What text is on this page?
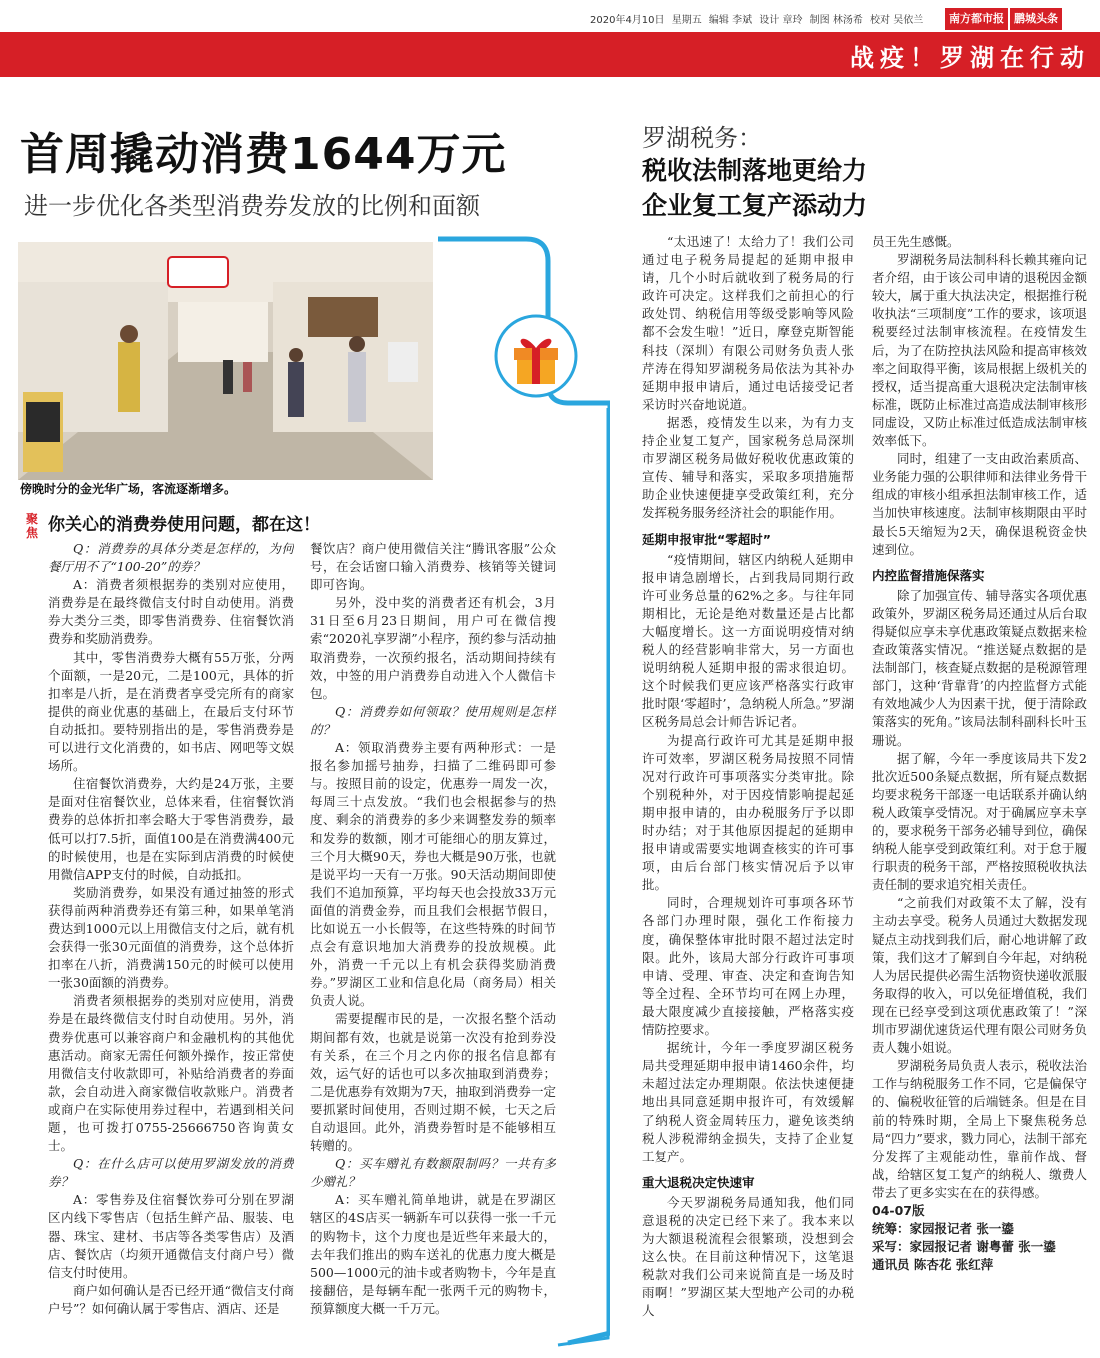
2020年4月10日 星期五 编辑 李斌 设计 章玲 制图 林汤希 校对 吴依兰	南方都市报 鹏城头条
战疫！罗湖在行动
首周撬动消费1644万元
进一步优化各类型消费券发放的比例和面额
傍晚时分的金光华广场，客流逐渐增多。
聚焦 你关心的消费券使用问题，都在这！

Q：消费券的具体分类是怎样的，为何餐厅用不了“100-20”的券？

A：消费者须根据券的类别对应使用，消费券是在最终微信支付时自动使用。消费券大类分三类，即零售消费券、住宿餐饮消费券和奖励消费券。

其中，零售消费券大概有55万张，分两个面额，一是20元，二是100元，具体的折扣率是八折，是在消费者享受完所有的商家提供的商业优惠的基础上，在最后支付环节自动抵扣。要特别指出的是，零售消费券是可以进行文化消费的，如书店、网吧等文娱场所。

住宿餐饮消费券，大约是24万张，主要是面对住宿餐饮业，总体来看，住宿餐饮消费券的总体折扣率会略大于零售消费券，最低可以打7.5折，面值100是在消费满400元的时候使用，也是在实际到店消费的时候使用微信APP支付的时候，自动抵扣。

奖励消费券，如果没有通过抽签的形式获得前两种消费券还有第三种，如果单笔消费达到1000元以上用微信支付之后，就有机会获得一张30元面值的消费券，这个总体折扣率在八折，消费满150元的时候可以使用一张30面额的消费券。

消费者须根据券的类别对应使用，消费券是在最终微信支付时自动使用。另外，消费券优惠可以兼容商户和金融机构的其他优惠活动。商家无需任何额外操作，按正常使用微信支付收款即可，补贴给消费者的券面款，会自动进入商家微信收款账户。消费者或商户在实际使用券过程中，若遇到相关问题，也可拨打0755-25666750咨询黄女士。

Q：在什么店可以使用罗湖发放的消费券？

A：零售券及住宿餐饮券可分别在罗湖区内线下零售店（包括生鲜产品、服装、电器、珠宝、建材、书店等各类零售店）及酒店、餐饮店（均须开通微信支付商户号）微信支付时使用。

商户如何确认是否已经开通“微信支付商户号”？如何确认属于零售店、酒店、还是

餐饮店？商户使用微信关注“腾讯客服”公众号，在会话窗口输入消费券、核销等关键词即可咨询。

另外，没中奖的消费者还有机会，3月31日至6月23日期间，用户可在微信搜索“2020礼享罗湖”小程序，预约参与活动抽取消费券，一次预约报名，活动期间持续有效，中签的用户消费券自动进入个人微信卡包。

Q：消费券如何领取？使用规则是怎样的？

A：领取消费券主要有两种形式：一是报名参加摇号抽券，扫描了二维码即可参与。按照目前的设定，优惠券一周发一次，每周三十点发放。“我们也会根据参与的热度、剩余的消费券的多少来调整发券的频率和发券的数额，刚才可能细心的朋友算过，三个月大概90天，券也大概是90万张，也就是说平均一天有一万张。90天活动期间即使我们不追加预算，平均每天也会投放33万元面值的消费金券，而且我们会根据节假日，比如说五一小长假等，在这些特殊的时间节点会有意识地加大消费券的投放规模。此外，消费一千元以上有机会获得奖励消费券。”罗湖区工业和信息化局（商务局）相关负责人说。

需要提醒市民的是，一次报名整个活动期间都有效，也就是说第一次没有抢到券没有关系，在三个月之内你的报名信息都有效，运气好的话也可以多次抽取到消费券；二是优惠券有效期为7天，抽取到消费券一定要抓紧时间使用，否则过期不候，七天之后自动退回。此外，消费券暂时是不能够相互转赠的。

Q：买车赠礼有数额限制吗？一共有多少赠礼？

A：买车赠礼简单地讲，就是在罗湖区辖区的4S店买一辆新车可以获得一张一千元的购物卡，这个力度也是近些年来最大的，去年我们推出的购车送礼的优惠力度大概是500—1000元的油卡或者购物卡，今年是直接翻倍，是每辆车配一张两千元的购物卡，预算额度大概一千万元。

罗湖税务：
税收法制落地更给力
企业复工复产添动力

“太迅速了！太给力了！我们公司通过电子税务局提起的延期申报申请，几个小时后就收到了税务局的行政许可决定。这样我们之前担心的行政处罚、纳税信用等级受影响等风险都不会发生啦！”近日，摩登克斯智能科技（深圳）有限公司财务负责人张芹涛在得知罗湖税务局依法为其补办延期申报申请后，通过电话接受记者采访时兴奋地说道。

据悉，疫情发生以来，为有力支持企业复工复产，国家税务总局深圳市罗湖区税务局做好税收优惠政策的宣传、辅导和落实，采取多项措施帮助企业快速便捷享受政策红利，充分发挥税务服务经济社会的职能作用。

延期申报审批“零超时”

“疫情期间，辖区内纳税人延期申报申请急剧增长，占到我局同期行政许可业务总量的62%之多。与往年同期相比，无论是绝对数量还是占比都大幅度增长。这一方面说明疫情对纳税人的经营影响非常大，另一方面也说明纳税人延期申报的需求很迫切。这个时候我们更应该严格落实行政审批时限‘零超时’，急纳税人所急。”罗湖区税务局总会计师告诉记者。

为提高行政许可尤其是延期申报许可效率，罗湖区税务局按照不同情况对行政许可事项落实分类审批。除个别税种外，对于因疫情影响提起延期申报申请的，由办税服务厅予以即时办结；对于其他原因提起的延期申报申请或需要实地调查核实的许可事项，由后台部门核实情况后予以审批。

同时，合理规划许可事项各环节各部门办理时限，强化工作衔接力度，确保整体审批时限不超过法定时限。此外，该局大部分行政许可事项申请、受理、审查、决定和查询告知等全过程、全环节均可在网上办理，最大限度减少直接接触，严格落实疫情防控要求。

据统计，今年一季度罗湖区税务局共受理延期申报申请1460余件，均未超过法定办理期限。依法快速便捷地出具同意延期申报许可，有效缓解了纳税人资金周转压力，避免该类纳税人涉税滞纳金损失，支持了企业复工复产。

重大退税决定快速审

今天罗湖税务局通知我，他们同意退税的决定已经下来了。我本来以为大额退税流程会很繁琐，没想到会这么快。在目前这种情况下，这笔退税款对我们公司来说简直是一场及时雨啊！”罗湖区某大型地产公司的办税人

员王先生感慨。

罗湖税务局法制科科长赖其雍向记者介绍，由于该公司申请的退税因金额较大，属于重大执法决定，根据推行税收执法“三项制度”工作的要求，该项退税要经过法制审核流程。在疫情发生后，为了在防控执法风险和提高审核效率之间取得平衡，该局根据上级机关的授权，适当提高重大退税决定法制审核标准，既防止标准过高造成法制审核形同虚设，又防止标准过低造成法制审核效率低下。

同时，组建了一支由政治素质高、业务能力强的公职律师和法律业务骨干组成的审核小组承担法制审核工作，适当加快审核速度。法制审核期限由平时最长5天缩短为2天，确保退税资金快速到位。

内控监督措施保落实

除了加强宣传、辅导落实各项优惠政策外，罗湖区税务局还通过从后台取得疑似应享未享优惠政策疑点数据来检查政策落实情况。“推送疑点数据的是法制部门，核查疑点数据的是税源管理部门，这种‘背靠背’的内控监督方式能有效地减少人为因素干扰，便于清除政策落实的死角。”该局法制科副科长叶玉珊说。

据了解，今年一季度该局共下发2批次近500条疑点数据，所有疑点数据均要求税务干部逐一电话联系并确认纳税人政策享受情况。对于确属应享未享的，要求税务干部务必辅导到位，确保纳税人能享受到政策红利。对于怠于履行职责的税务干部，严格按照税收执法责任制的要求追究相关责任。

“之前我们对政策不太了解，没有主动去享受。税务人员通过大数据发现疑点主动找到我们后，耐心地讲解了政策，我们这才了解到自今年起，对纳税人为居民提供必需生活物资快递收派服务取得的收入，可以免征增值税，我们现在已经享受到这项优惠政策了！”深圳市罗湖优速货运代理有限公司财务负责人魏小姐说。

罗湖税务局负责人表示，税收法治工作与纳税服务工作不同，它是偏保守的、偏税收征管的后端链条。但是在目前的特殊时期，全局上下聚焦税务总局“四力”要求，戮力同心，法制干部充分发挥了主观能动性，靠前作战、督战，给辖区复工复产的纳税人、缴费人带去了更多实实在在的获得感。

04-07版

统筹：家园报记者 张一鎏

采写：家园报记者 谢粤蕾 张一鎏

通讯员 陈杏花 张红萍
